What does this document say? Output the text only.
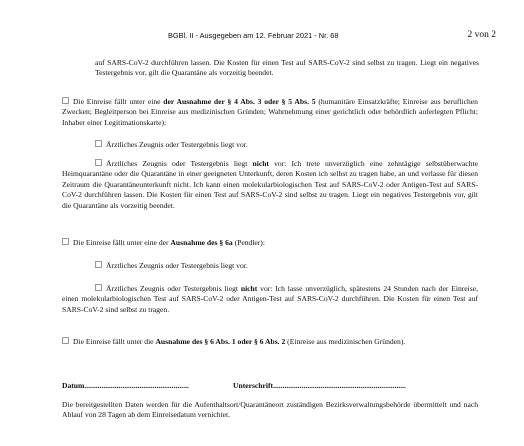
BGBl. II - Ausgegeben am 12. Februar 2021 - Nr. 68	2 von 2
auf SARS-CoV-2 durchführen lassen. Die Kosten für einen Test auf SARS-CoV-2 sind selbst zu tragen. Liegt ein negatives Testergebnis vor, gilt die Quarantäne als vorzeitig beendet.
Die Einreise fällt unter eine der Ausnahme der § 4 Abs. 3 oder § 5 Abs. 5 (humanitäre Einsatzkräfte; Einreise aus beruflichen Zwecken; Begleitperson bei Einreise aus medizinischen Gründen; Wahrnehmung einer gerichtlich oder behördlich auferlegten Pflicht; Inhaber einer Legitimationskarte):
Ärztliches Zeugnis oder Testergebnis liegt vor.
Ärztliches Zeugnis oder Testergebnis liegt nicht vor: Ich trete unverzüglich eine zehntägige selbstüberwachte Heimquarantäne oder die Quarantäne in einer geeigneten Unterkunft, deren Kosten ich selbst zu tragen habe, an und verlasse für diesen Zeitraum die Quarantäneunterkunft nicht. Ich kann einen molekularbiologischen Test auf SARS-CoV-2 oder Antigen-Test auf SARS-CoV-2 durchführen lassen. Die Kosten für einen Test auf SARS-CoV-2 sind selbst zu tragen. Liegt ein negatives Testergebnis vor, gilt die Quarantäne als vorzeitig beendet.
Die Einreise fällt unter eine der Ausnahme des § 6a (Pendler):
Ärztliches Zeugnis oder Testergebnis liegt vor.
Ärztliches Zeugnis oder Testergebnis liegt nicht vor: Ich lasse unverzüglich, spätestens 24 Stunden nach der Einreise, einen molekularbiologischen Test auf SARS-CoV-2 oder Antigen-Test auf SARS-CoV-2 durchführen. Die Kosten für einen Test auf SARS-CoV-2 sind selbst zu tragen.
Die Einreise fällt unter die Ausnahme des § 6 Abs. 1 oder § 6 Abs. 2 (Einreise aus medizinischen Gründen).
Datum.......................................................	Unterschrift......................................................................
Die bereitgestellten Daten werden für die Aufenthaltsort/Quarantäneort zuständigen Bezirksverwaltungsbehörde übermittelt und nach Ablauf von 28 Tagen ab dem Einreisedatum vernichtet.
